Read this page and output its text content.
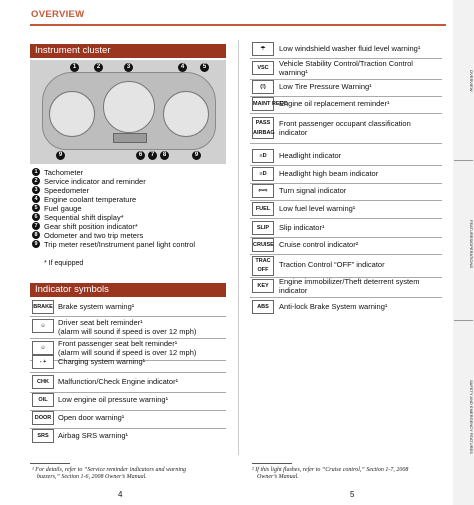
OVERVIEW
OVERVIEW
FEATURES/OPERATIONS
SAFETY AND EMERGENCY FEATURES
Instrument cluster
1	2	3	4	5
9	6	7	8	9
1 Tachometer
2 Service indicator and reminder
3 Speedometer
4 Engine coolant temperature
5 Fuel gauge
6 Sequential shift display*
7 Gear shift position indicator*
8 Odometer and two trip meters
9 Trip meter reset/Instrument panel light control
* If equipped
Indicator symbols
BRAKE Brake system warning¹
☺	Driver seat belt reminder¹
(alarm will sound if speed is over 12 mph)
☺	Front passenger seat belt reminder¹
(alarm will sound if speed is over 12 mph)
- +	Charging system warning¹
CHK	Malfunction/Check Engine indicator¹
OIL	Low engine oil pressure warning¹
DOOR Open door warning¹
SRS	Airbag SRS warning¹
☂	Low windshield washer fluid level warning¹
VSC	Vehicle Stability Control/Traction Control
warning¹
(!)	Low Tire Pressure Warning¹
MAINT REQD
Engine oil replacement reminder¹
PASS AIRBAG
Front passenger occupant classification
indicator
≡D	Headlight indicator
≡D	Headlight high beam indicator
⇦⇨	Turn signal indicator
FUEL	Low fuel level warning¹
SLIP	Slip indicator¹
CRUISE Cruise control indicator²
TRAC OFF
Traction Control “OFF” indicator
KEY	Engine immobilizer/Theft deterrent system
indicator
ABS	Anti-lock Brake System warning¹
¹ For details, refer to “Service reminder indicators and warning
buzzers,” Section 1-6, 2008 Owner’s Manual.
² If this light flashes, refer to “Cruise control,” Section 1-7, 2008
Owner’s Manual.
4	5
